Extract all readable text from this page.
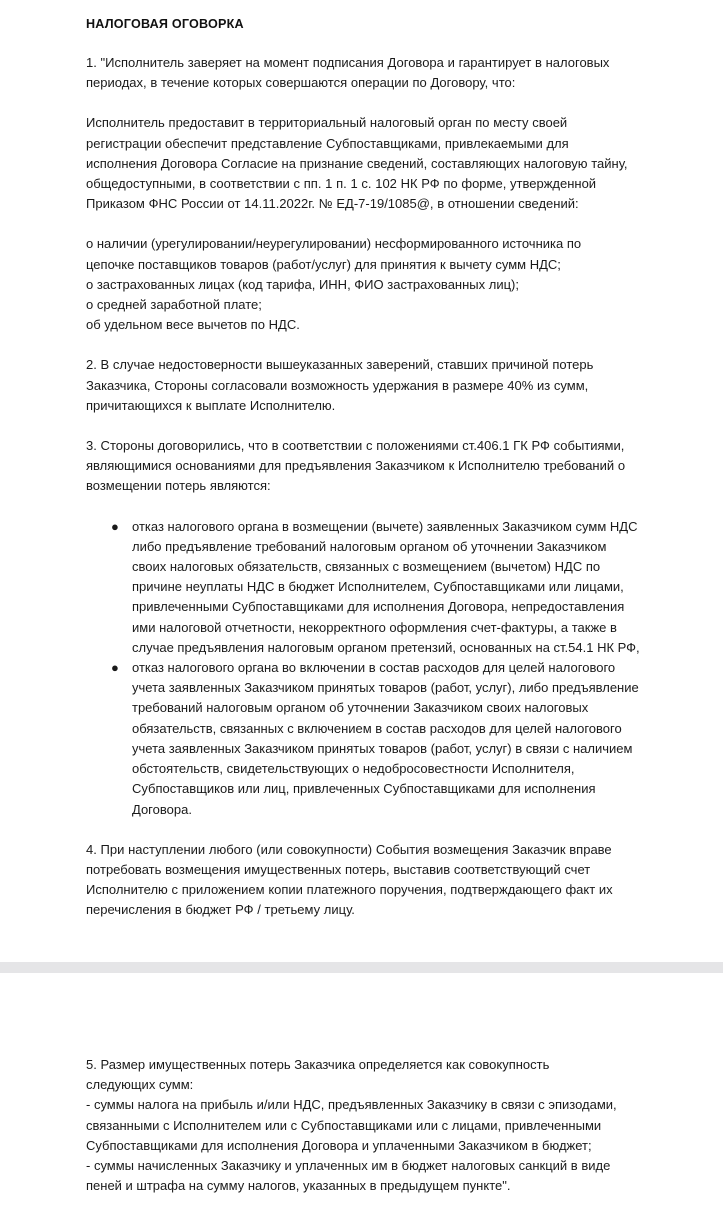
НАЛОГОВАЯ ОГОВОРКА

1. "Исполнитель заверяет на момент подписания Договора и гарантирует в налоговых периодах, в течение которых совершаются операции по Договору, что:

Исполнитель предоставит в территориальный налоговый орган по месту своей регистрации обеспечит представление Субпоставщиками, привлекаемыми для исполнения Договора Согласие на признание сведений, составляющих налоговую тайну, общедоступными, в соответствии с пп. 1 п. 1 с. 102 НК РФ по форме, утвержденной Приказом ФНС России от 14.11.2022г. № ЕД-7-19/1085@, в отношении сведений:

о наличии (урегулировании/неурегулировании) несформированного источника по
цепочке поставщиков товаров (работ/услуг) для принятия к вычету сумм НДС;
о застрахованных лицах (код тарифа, ИНН, ФИО застрахованных лиц);
о средней заработной плате;
об удельном весе вычетов по НДС.

2. В случае недостоверности вышеуказанных заверений, ставших причиной потерь Заказчика, Стороны согласовали возможность удержания в размере 40% из сумм, причитающихся к выплате Исполнителю.

3. Стороны договорились, что в соответствии с положениями ст.406.1 ГК РФ событиями, являющимися основаниями для предъявления Заказчиком к Исполнителю требований о возмещении потерь являются:

● отказ налогового органа в возмещении (вычете) заявленных Заказчиком сумм НДС либо предъявление требований налоговым органом об уточнении Заказчиком своих налоговых обязательств, связанных с возмещением (вычетом) НДС по причине неуплаты НДС в бюджет Исполнителем, Субпоставщиками или лицами, привлеченными Субпоставщиками для исполнения Договора, непредоставления ими налоговой отчетности, некорректного оформления счет-фактуры, а также в случае предъявления налоговым органом претензий, основанных на ст.54.1 НК РФ,
● отказ налогового органа во включении в состав расходов для целей налогового учета заявленных Заказчиком принятых товаров (работ, услуг), либо предъявление требований налоговым органом об уточнении Заказчиком своих налоговых обязательств, связанных с включением в состав расходов для целей налогового учета заявленных Заказчиком принятых товаров (работ, услуг) в связи с наличием обстоятельств, свидетельствующих о недобросовестности Исполнителя, Субпоставщиков или лиц, привлеченных Субпоставщиками для исполнения Договора.

4. При наступлении любого (или совокупности) События возмещения Заказчик вправе потребовать возмещения имущественных потерь, выставив соответствующий счет Исполнителю с приложением копии платежного поручения, подтверждающего факт их перечисления в бюджет РФ / третьему лицу.

5. Размер имущественных потерь Заказчика определяется как совокупность
следующих сумм:
- суммы налога на прибыль и/или НДС, предъявленных Заказчику в связи с эпизодами,
связанными с Исполнителем или с Субпоставщиками или с лицами, привлеченными
Субпоставщиками для исполнения Договора и уплаченными Заказчиком в бюджет;
- суммы начисленных Заказчику и уплаченных им в бюджет налоговых санкций в виде
пеней и штрафа на сумму налогов, указанных в предыдущем пункте".
